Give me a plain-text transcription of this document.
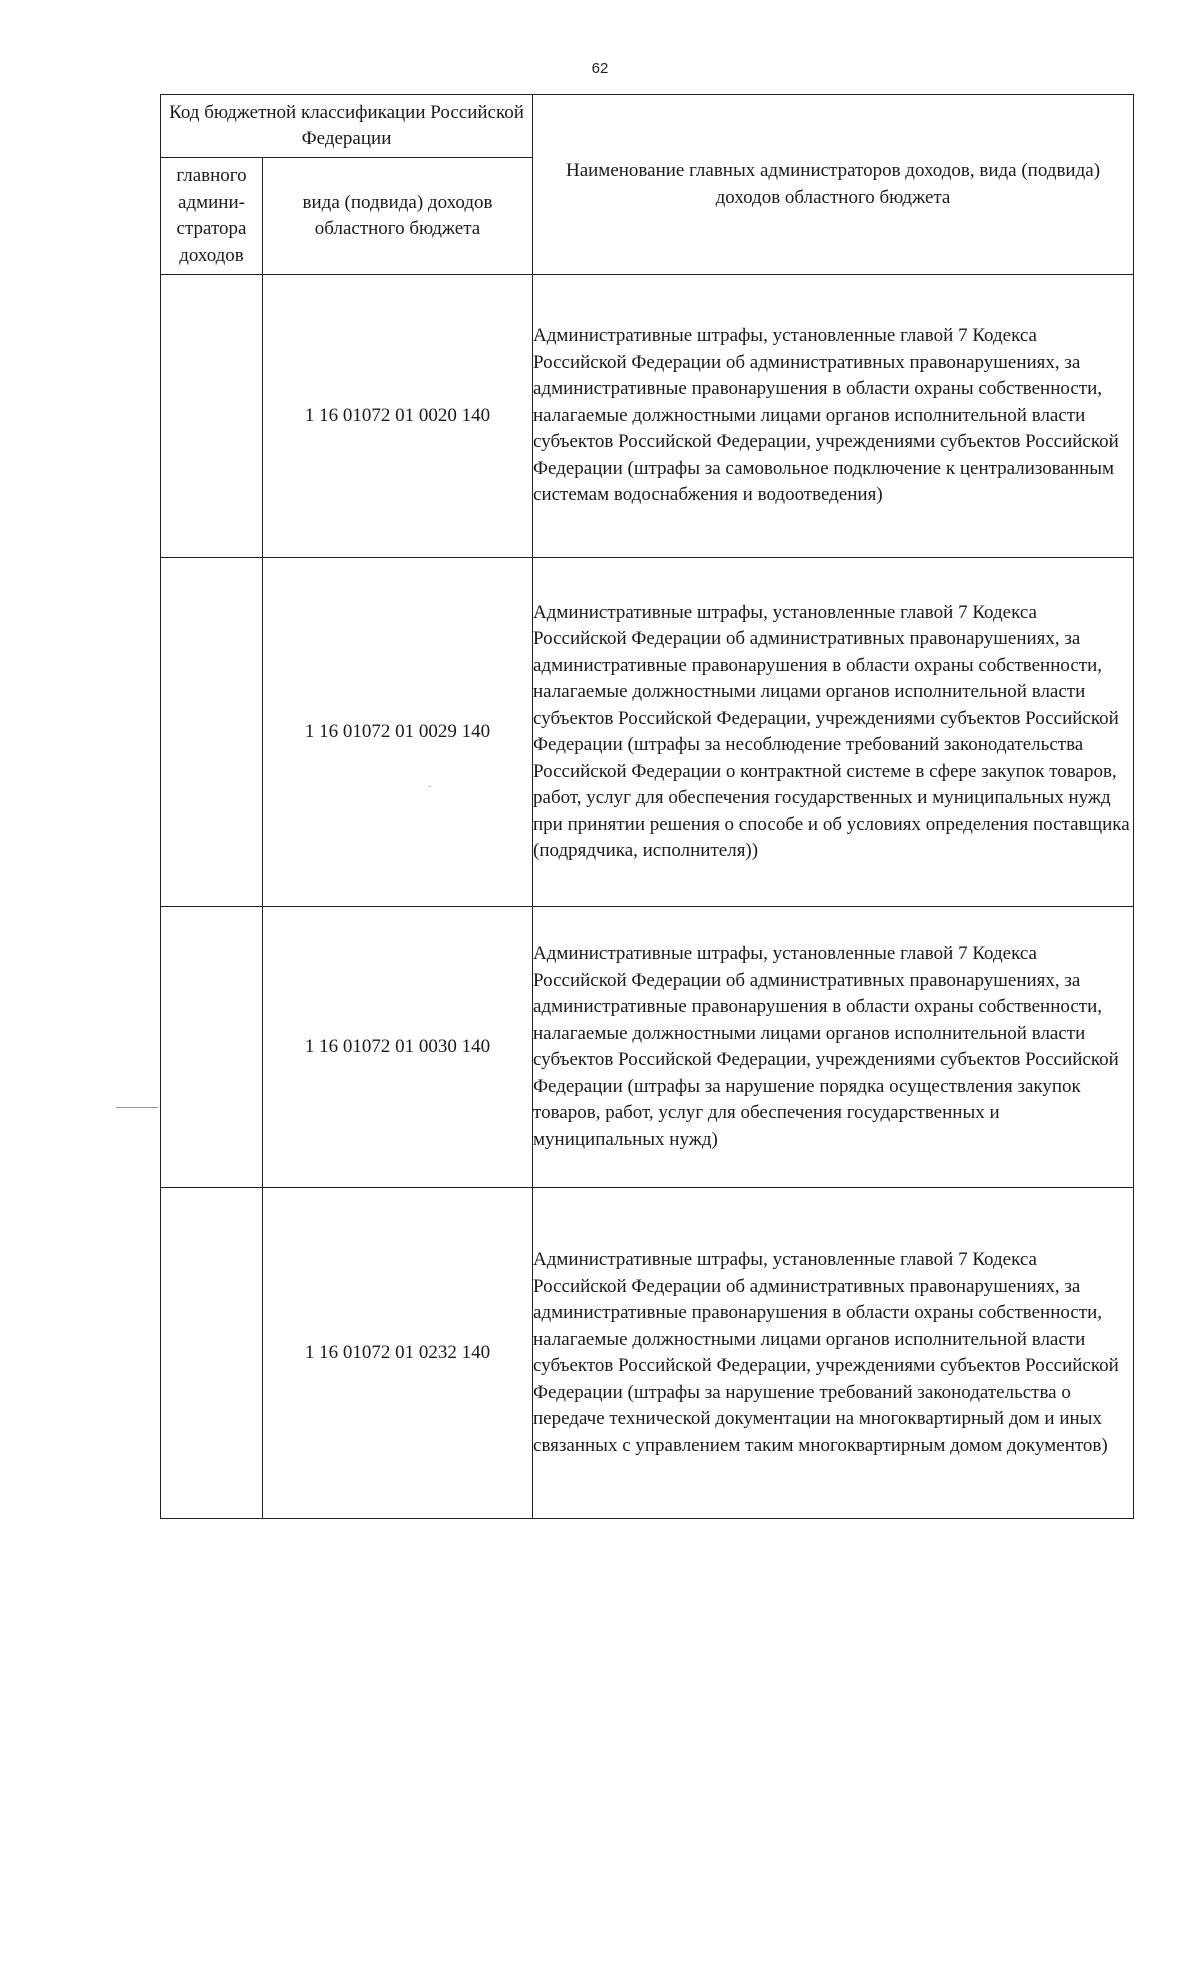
62
Код бюджетной классификации Российской Федерации		Наименование главных администраторов доходов, вида (подвида) доходов областного бюджета
главного админи- стратора доходов	вида (подвида) доходов областного бюджета	
	1 16 01072 01 0020 140	Административные штрафы, установленные главой 7 Кодекса Российской Федерации об административных правонарушениях, за административные правонарушения в области охраны собственности, налагаемые должностными лицами органов исполнительной власти субъектов Российской Федерации, учреждениями субъектов Российской Федерации (штрафы за самовольное подключение к централизованным системам водоснабжения и водоотведения)
	1 16 01072 01 0029 140	Административные штрафы, установленные главой 7 Кодекса Российской Федерации об административных правонарушениях, за административные правонарушения в области охраны собственности, налагаемые должностными лицами органов исполнительной власти субъектов Российской Федерации, учреждениями субъектов Российской Федерации (штрафы за несоблюдение требований законодательства Российской Федерации о контрактной системе в сфере закупок товаров, работ, услуг для обеспечения государственных и муниципальных нужд при принятии решения о способе и об условиях определения поставщика (подрядчика, исполнителя))
	1 16 01072 01 0030 140	Административные штрафы, установленные главой 7 Кодекса Российской Федерации об административных правонарушениях, за административные правонарушения в области охраны собственности, налагаемые должностными лицами органов исполнительной власти субъектов Российской Федерации, учреждениями субъектов Российской Федерации (штрафы за нарушение порядка осуществления закупок товаров, работ, услуг для обеспечения государственных и муниципальных нужд)
	1 16 01072 01 0232 140	Административные штрафы, установленные главой 7 Кодекса Российской Федерации об административных правонарушениях, за административные правонарушения в области охраны собственности, налагаемые должностными лицами органов исполнительной власти субъектов Российской Федерации, учреждениями субъектов Российской Федерации (штрафы за нарушение требований законодательства о передаче технической документации на многоквартирный дом и иных связанных с управлением таким многоквартирным домом документов)
